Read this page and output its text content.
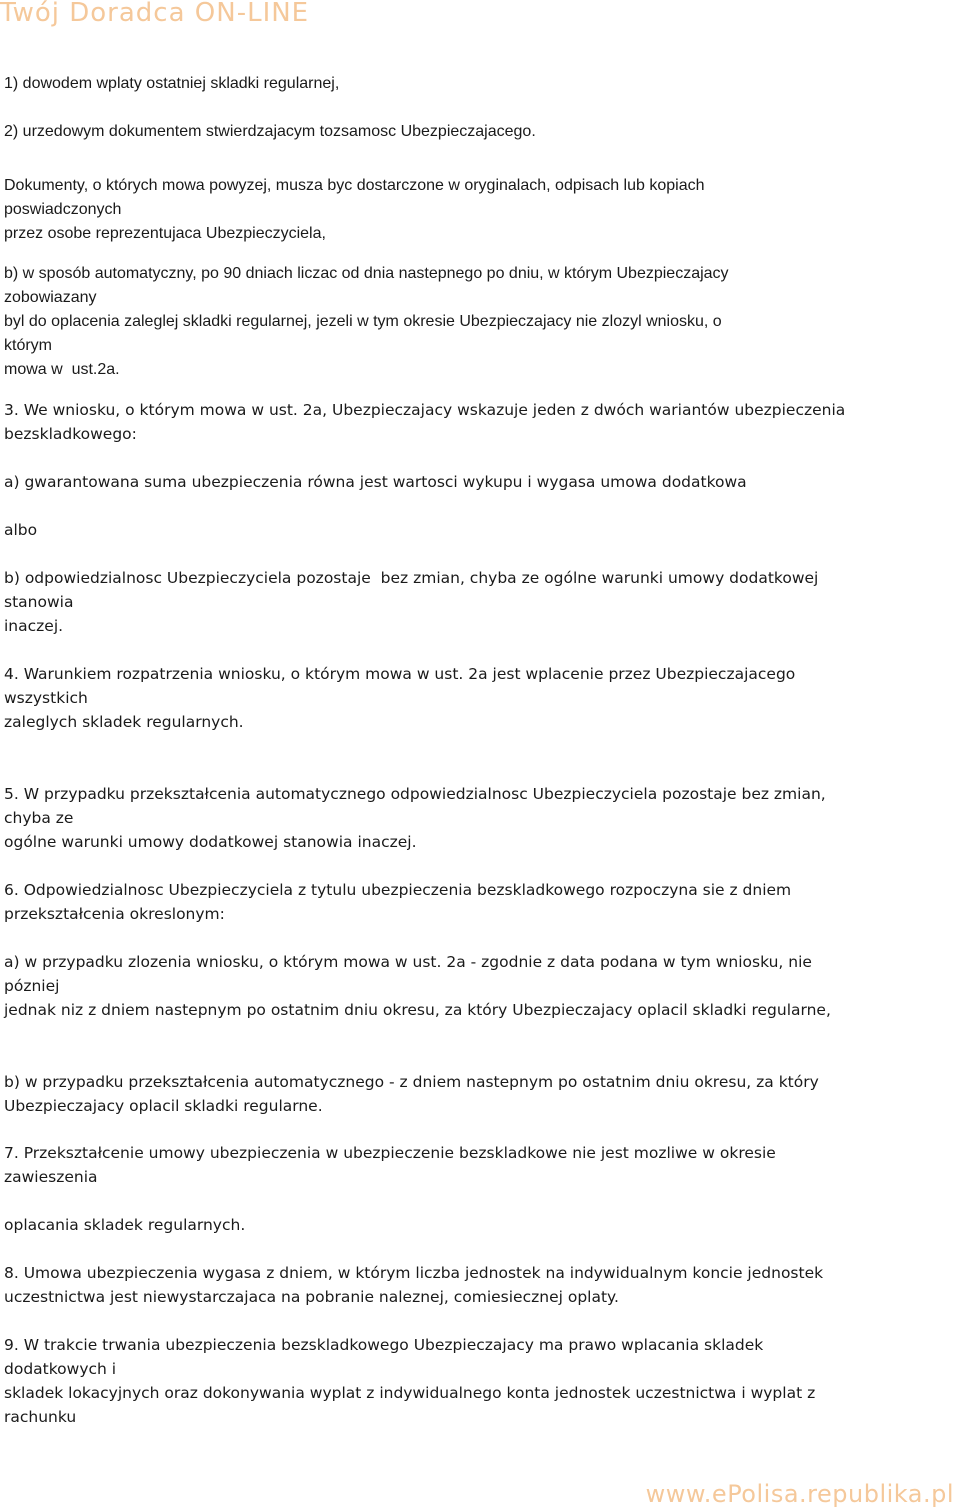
Twój Doradca ON-LINE

1) dowodem wplaty ostatniej skladki regularnej,

2) urzedowym dokumentem stwierdzajacym tozsamosc Ubezpieczajacego.

Dokumenty, o których mowa powyzej, musza byc dostarczone w oryginalach, odpisach lub kopiach
poswiadczonych
przez osobe reprezentujaca Ubezpieczyciela,

b) w sposób automatyczny, po 90 dniach liczac od dnia nastepnego po dniu, w którym Ubezpieczajacy
zobowiazany
byl do oplacenia zaleglej skladki regularnej, jezeli w tym okresie Ubezpieczajacy nie zlozyl wniosku, o
którym
mowa w  ust.2a.

3. We wniosku, o którym mowa w ust. 2a, Ubezpieczajacy wskazuje jeden z dwóch wariantów ubezpieczenia
bezskladkowego:

a) gwarantowana suma ubezpieczenia równa jest wartosci wykupu i wygasa umowa dodatkowa

albo

b) odpowiedzialnosc Ubezpieczyciela pozostaje  bez zmian, chyba ze ogólne warunki umowy dodatkowej
stanowia
inaczej.

4. Warunkiem rozpatrzenia wniosku, o którym mowa w ust. 2a jest wplacenie przez Ubezpieczajacego
wszystkich
zaleglych skladek regularnych.

5. W przypadku przekształcenia automatycznego odpowiedzialnosc Ubezpieczyciela pozostaje bez zmian,
chyba ze
ogólne warunki umowy dodatkowej stanowia inaczej.

6. Odpowiedzialnosc Ubezpieczyciela z tytulu ubezpieczenia bezskladkowego rozpoczyna sie z dniem
przekształcenia okreslonym:

a) w przypadku zlozenia wniosku, o którym mowa w ust. 2a - zgodnie z data podana w tym wniosku, nie
pózniej
jednak niz z dniem nastepnym po ostatnim dniu okresu, za który Ubezpieczajacy oplacil skladki regularne,

b) w przypadku przekształcenia automatycznego - z dniem nastepnym po ostatnim dniu okresu, za który
Ubezpieczajacy oplacil skladki regularne.

7. Przekształcenie umowy ubezpieczenia w ubezpieczenie bezskladkowe nie jest mozliwe w okresie
zawieszenia

oplacania skladek regularnych.

8. Umowa ubezpieczenia wygasa z dniem, w którym liczba jednostek na indywidualnym koncie jednostek
uczestnictwa jest niewystarczajaca na pobranie naleznej, comiesiecznej oplaty.

9. W trakcie trwania ubezpieczenia bezskladkowego Ubezpieczajacy ma prawo wplacania skladek
dodatkowych i
skladek lokacyjnych oraz dokonywania wyplat z indywidualnego konta jednostek uczestnictwa i wyplat z
rachunku

www.ePolisa.republika.pl
